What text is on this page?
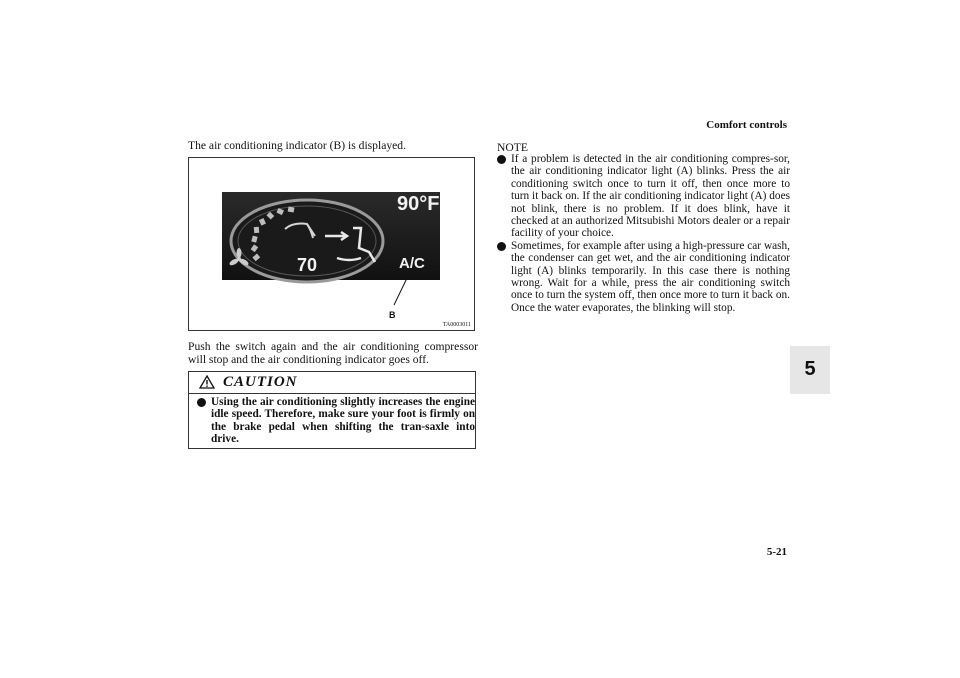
Comfort controls
The air conditioning indicator (B) is displayed.
70
90°F
A/C
B
TA0003011
Push the switch again and the air conditioning compressor will stop and the air conditioning indicator goes off.
CAUTION
Using the air conditioning slightly increases the engine idle speed. Therefore, make sure your foot is firmly on the brake pedal when shifting the tran-saxle into drive.
NOTE
If a problem is detected in the air conditioning compres-sor, the air conditioning indicator light (A) blinks. Press the air conditioning switch once to turn it off, then once more to turn it back on. If the air conditioning indicator light (A) does not blink, there is no problem. If it does blink, have it checked at an authorized Mitsubishi Motors dealer or a repair facility of your choice.
Sometimes, for example after using a high-pressure car wash, the condenser can get wet, and the air conditioning indicator light (A) blinks temporarily. In this case there is nothing wrong. Wait for a while, press the air conditioning switch once to turn the system off, then once more to turn it back on. Once the water evaporates, the blinking will stop.
5
5-21
